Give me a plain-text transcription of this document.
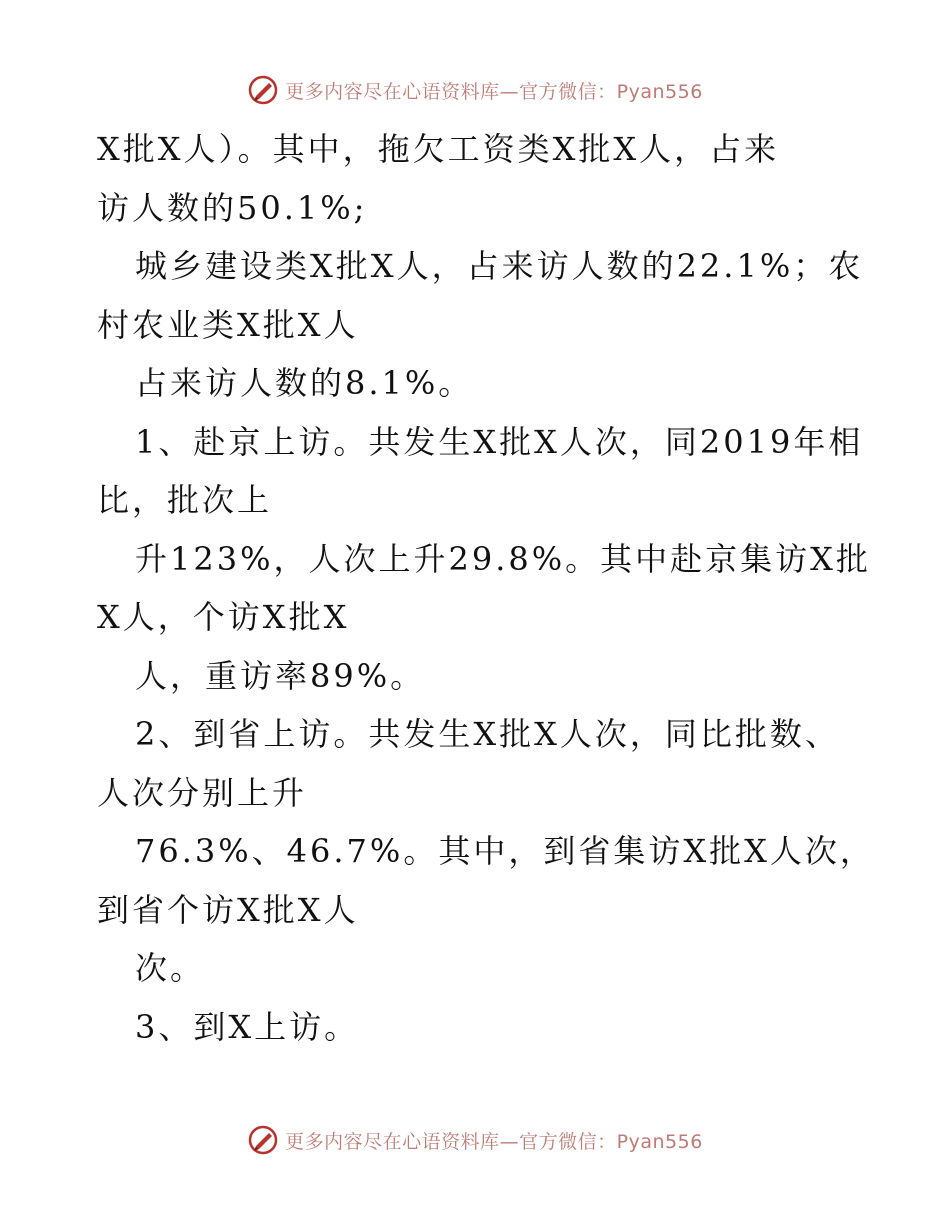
更多内容尽在心语资料库—官方微信：Pyan556
X批X人）。其中，拖欠工资类X批X人，占来
访人数的50.1%;
城乡建设类X批X人，占来访人数的22.1%；农
村农业类X批X人
占来访人数的8.1%。
1、赴京上访。共发生X批X人次，同2019年相
比，批次上
升123%，人次上升29.8%。其中赴京集访X批
X人，个访X批X
人，重访率89%。
2、到省上访。共发生X批X人次，同比批数、
人次分别上升
76.3%、46.7%。其中，到省集访X批X人次，
到省个访X批X人
次。
3、到X上访。
更多内容尽在心语资料库—官方微信：Pyan556
